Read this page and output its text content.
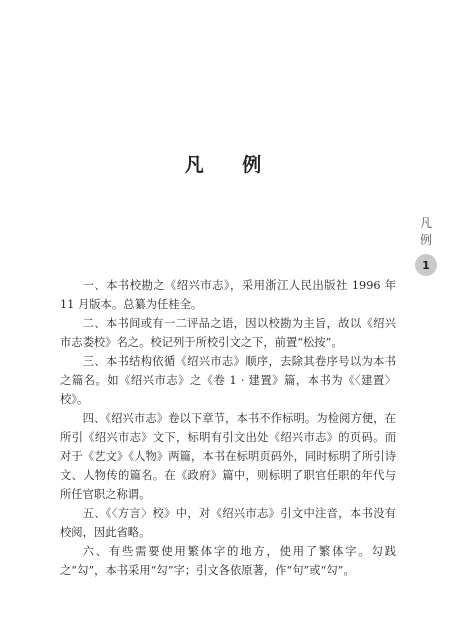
凡 例
凡例
1

一、本书校勘之《绍兴市志》，采用浙江人民出版社 1996 年 11 月版本。总纂为任桂全。

二、本书间或有一二评品之语，因以校勘为主旨，故以《绍兴市志娄校》名之。校记列于所校引文之下，前置“松按”。

三、本书结构依循《绍兴市志》顺序，去除其卷序号以为本书之篇名。如《绍兴市志》之《卷 1 · 建置》篇，本书为《〈建置〉校》。

四、《绍兴市志》卷以下章节，本书不作标明。为检阅方便，在所引《绍兴市志》文下，标明有引文出处《绍兴市志》的页码。而对于《艺文》《人物》两篇，本书在标明页码外，同时标明了所引诗文、人物传的篇名。在《政府》篇中，则标明了职官任职的年代与所任官职之称谓。

五、《〈方言〉校》中，对《绍兴市志》引文中注音，本书没有校阅，因此省略。

六、有些需要使用繁体字的地方，使用了繁体字。勾践之“勾”，本书采用“勾”字；引文各依原著，作“句”或“勾”。
